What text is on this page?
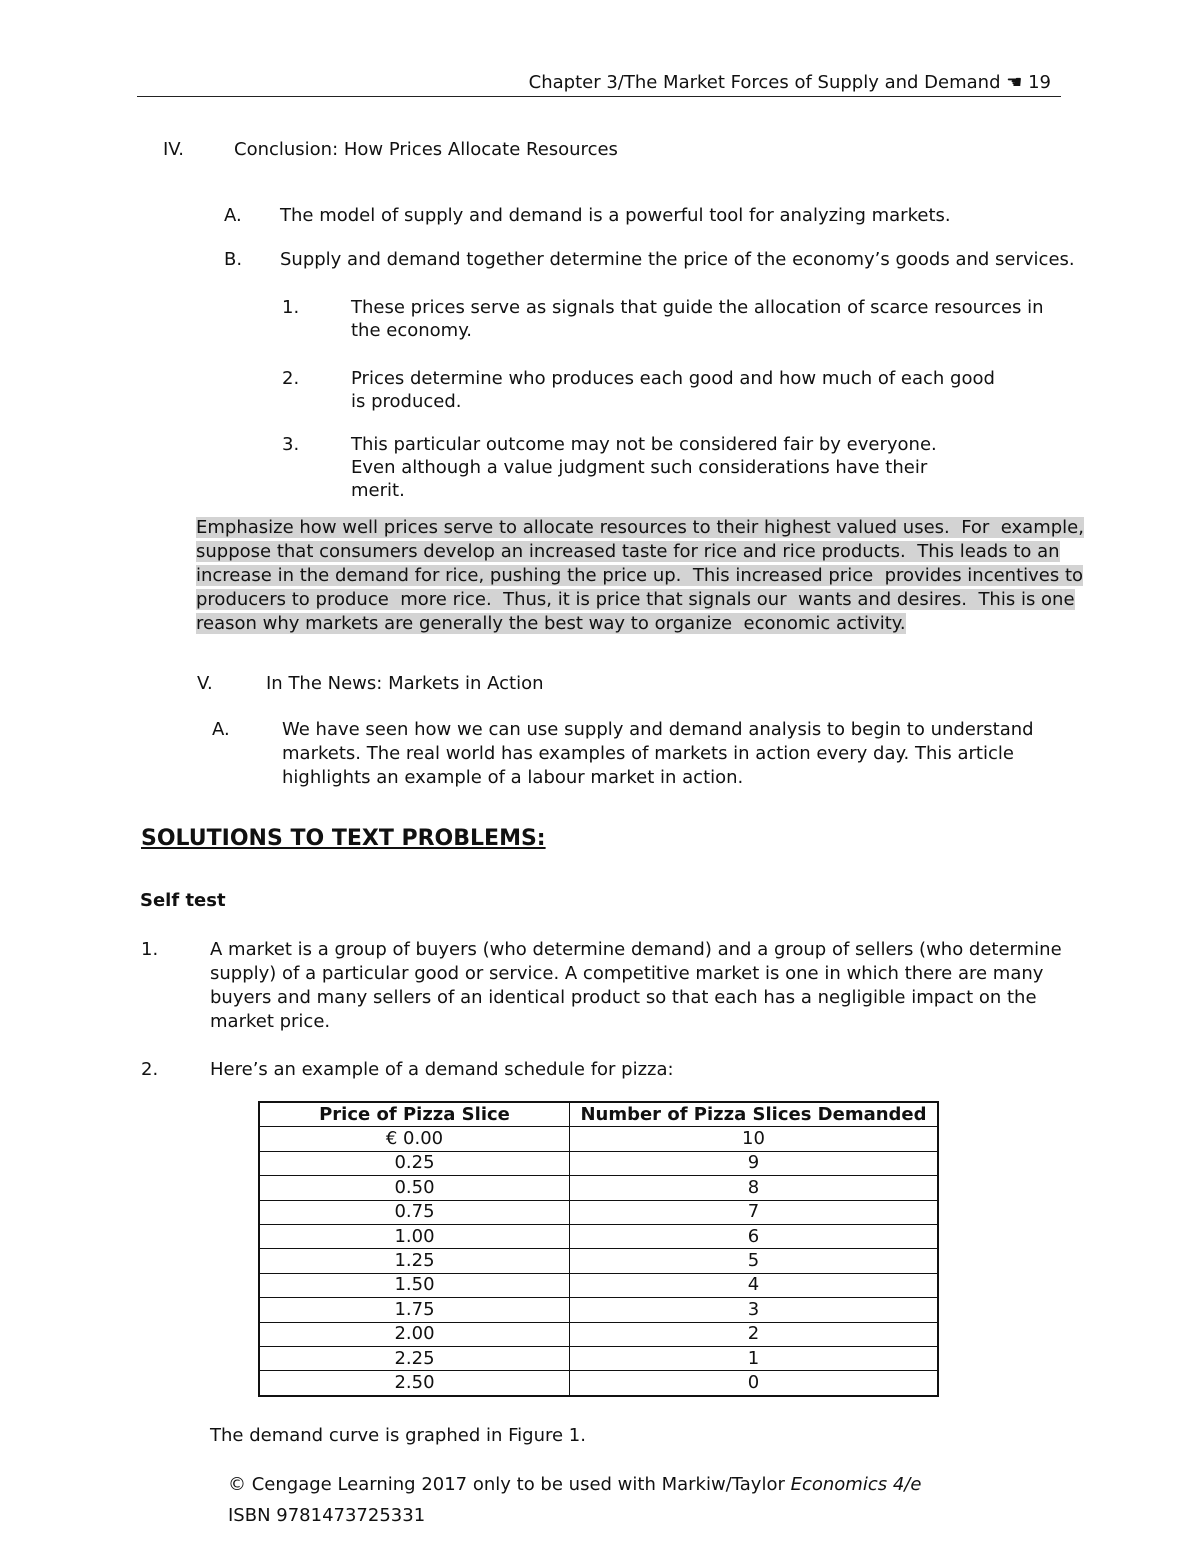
Chapter 3/The Market Forces of Supply and Demand ☚ 19
IV.	Conclusion: How Prices Allocate Resources
A. The model of supply and demand is a powerful tool for analyzing markets.
B. Supply and demand together determine the price of the economy’s goods and services.
1.	These prices serve as signals that guide the allocation of scarce resources in the economy.
2.	Prices determine who produces each good and how much of each good is produced.
3.	This particular outcome may not be considered fair by everyone. Even although a value judgment such considerations have their merit.
Emphasize how well prices serve to allocate resources to their highest valued uses.  For  example,
suppose that consumers develop an increased taste for rice and rice products.  This leads to an
increase in the demand for rice, pushing the price up.  This increased price  provides incentives to
producers to produce  more rice.  Thus, it is price that signals our  wants and desires.  This is one
reason why markets are generally the best way to organize  economic activity.
V.	In The News: Markets in Action
A.	We have seen how we can use supply and demand analysis to begin to understand
markets. The real world has examples of markets in action every day. This article
highlights an example of a labour market in action.
SOLUTIONS TO TEXT PROBLEMS:
Self test
1.	A market is a group of buyers (who determine demand) and a group of sellers (who determine
supply) of a particular good or service. A competitive market is one in which there are many
buyers and many sellers of an identical product so that each has a negligible impact on the
market price.
2.	Here’s an example of a demand schedule for pizza:
Price of Pizza Slice	Number of Pizza Slices Demanded
€ 0.00	10
0.25	9
0.50	8
0.75	7
1.00	6
1.25	5
1.50	4
1.75	3
2.00	2
2.25	1
2.50	0
The demand curve is graphed in Figure 1.
© Cengage Learning 2017 only to be used with Markiw/Taylor Economics 4/e
ISBN 9781473725331
